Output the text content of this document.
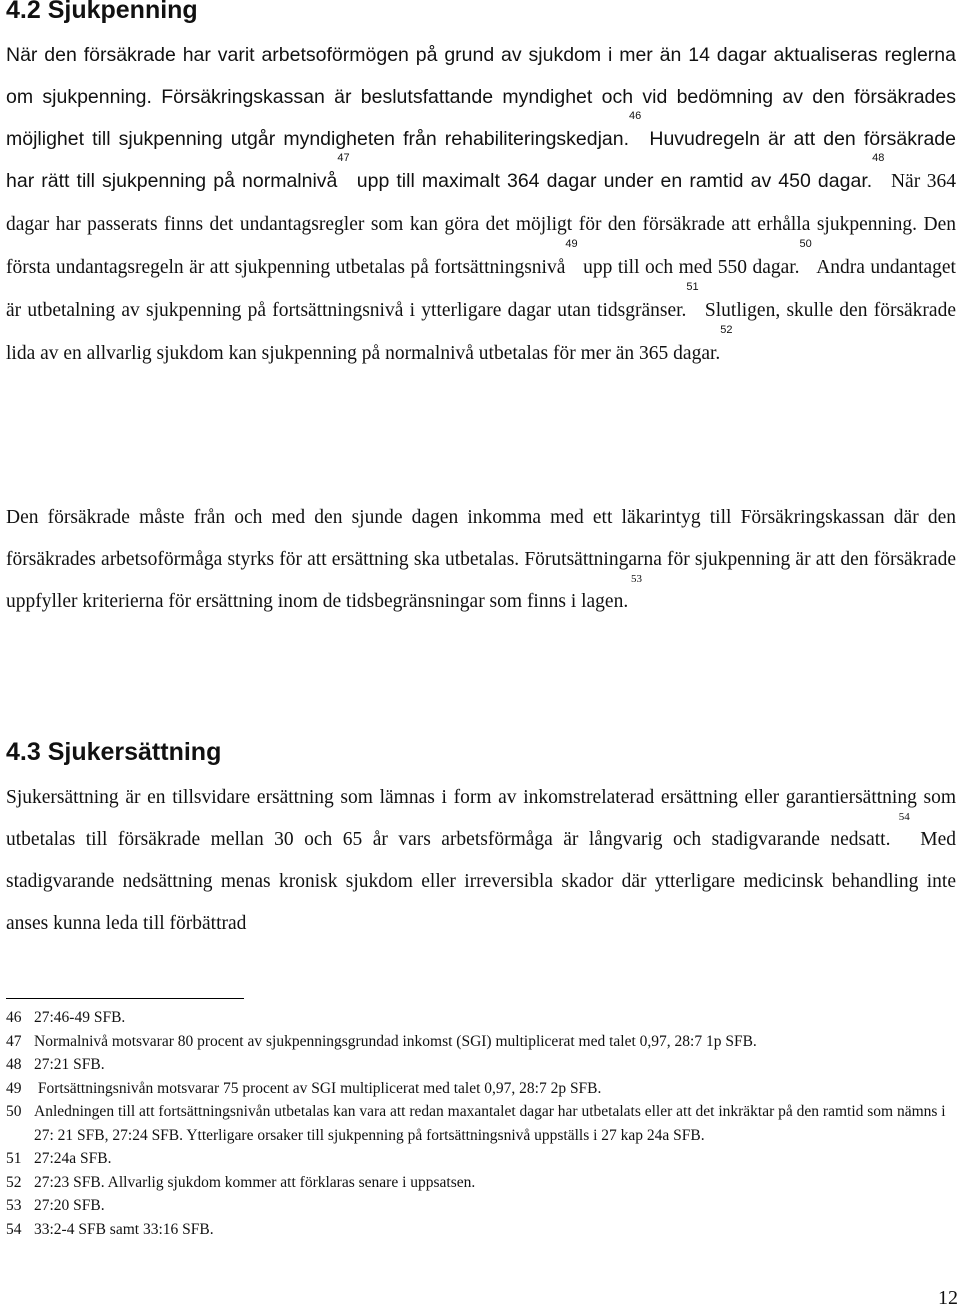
4.2 Sjukpenning

När den försäkrade har varit arbetsoförmögen på grund av sjukdom i mer än 14 dagar aktualiseras reglerna om sjukpenning. Försäkringskassan är beslutsfattande myndighet och vid bedömning av den försäkrades möjlighet till sjukpenning utgår myndigheten från rehabiliteringskedjan.$^{46}$ Huvudregeln är att den försäkrade har rätt till sjukpenning på normalnivå$^{47}$ upp till maximalt 364 dagar under en ramtid av 450 dagar.$^{48}$ När 364 dagar har passerats finns det undantagsregler som kan göra det möjligt för den försäkrade att erhålla sjukpenning. Den första undantagsregeln är att sjukpenning utbetalas på fortsättningsnivå$^{49}$ upp till och med 550 dagar.$^{50}$ Andra undantaget är utbetalning av sjukpenning på fortsättningsnivå i ytterligare dagar utan tidsgränser.$^{51}$ Slutligen, skulle den försäkrade lida av en allvarlig sjukdom kan sjukpenning på normalnivå utbetalas för mer än 365 dagar.$^{52}$

Den försäkrade måste från och med den sjunde dagen inkomma med ett läkarintyg till Försäkringskassan där den försäkrades arbetsoförmåga styrks för att ersättning ska utbetalas. Förutsättningarna för sjukpenning är att den försäkrade uppfyller kriterierna för ersättning inom de tidsbegränsningar som finns i lagen. $^{53}$

4.3 Sjukersättning

Sjukersättning är en tillsvidare ersättning som lämnas i form av inkomstrelaterad ersättning eller garantiersättning som utbetalas till försäkrade mellan 30 och 65 år vars arbetsförmåga är långvarig och stadigvarande nedsatt. $^{54}$ Med stadigvarande nedsättning menas kronisk sjukdom eller irreversibla skador där ytterligare medicinsk behandling inte anses kunna leda till förbättrad

46 27:46-49 SFB.
47 Normalnivå motsvarar 80 procent av sjukpenningsgrundad inkomst (SGI) multiplicerat med talet 0,97, 28:7 1p SFB.
48 27:21 SFB.
49 Fortsättningsnivån motsvarar 75 procent av SGI multiplicerat med talet 0,97, 28:7 2p SFB.
50 Anledningen till att fortsättningsnivån utbetalas kan vara att redan maxantalet dagar har utbetalats eller att det inkräktar på den ramtid som nämns i 27: 21 SFB, 27:24 SFB. Ytterligare orsaker till sjukpenning på fortsättningsnivå uppställs i 27 kap 24a SFB.
51 27:24a SFB.
52 27:23 SFB. Allvarlig sjukdom kommer att förklaras senare i uppsatsen.
53 27:20 SFB.
54 33:2-4 SFB samt 33:16 SFB.
12
